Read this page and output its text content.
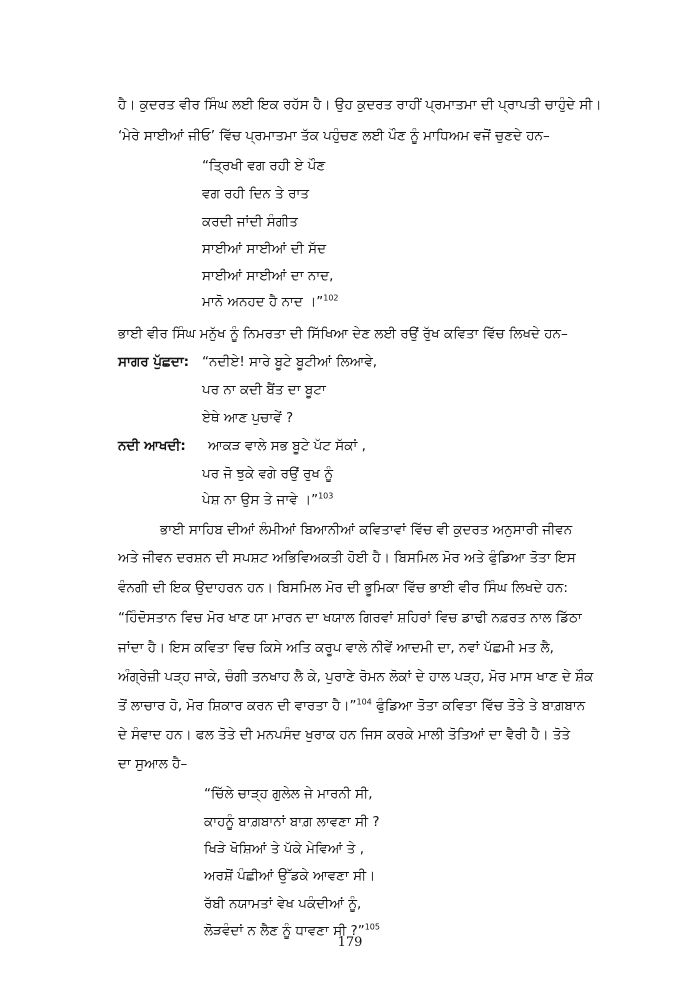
ਹੈ। ਕੁਦਰਤ ਵੀਰ ਸਿੰਘ ਲਈ ਇਕ ਰਹੱਸ ਹੈ। ਉਹ ਕੁਦਰਤ ਰਾਹੀਂ ਪ੍ਰਮਾਤਮਾ ਦੀ ਪ੍ਰਾਪਤੀ ਚਾਹੁੰਦੇ ਸੀ।
‘ਮੇਰੇ ਸਾਈਆਂ ਜੀਓ’ ਵਿੱਚ ਪ੍ਰਮਾਤਮਾ ਤੱਕ ਪਹੁੰਚਣ ਲਈ ਪੌਣ ਨੂੰ ਮਾਧਿਅਮ ਵਜੋਂ ਚੁਣਦੇ ਹਨ–
“ਤ੍ਰਿਖੀ ਵਗ ਰਹੀ ਏ ਪੌਣ
ਵਗ ਰਹੀ ਦਿਨ ਤੇ ਰਾਤ
ਕਰਦੀ ਜਾਂਦੀ ਸੰਗੀਤ
ਸਾਈਆਂ ਸਾਈਆਂ ਦੀ ਸੱਦ
ਸਾਈਆਂ ਸਾਈਆਂ ਦਾ ਨਾਦ,
ਮਾਨੋ ਅਨਹਦ ਹੈ ਨਾਦ ।”$^{102}$
ਭਾਈ ਵੀਰ ਸਿੰਘ ਮਨੁੱਖ ਨੂੰ ਨਿਮਰਤਾ ਦੀ ਸਿੱਖਿਆ ਦੇਣ ਲਈ ਰਉਂ ਰੁੱਖ ਕਵਿਤਾ ਵਿੱਚ ਲਿਖਦੇ ਹਨ–
ਸਾਗਰ ਪੁੱਛਦਾ: “ਨਦੀਏ! ਸਾਰੇ ਬੂਟੇ ਬੂਟੀਆਂ ਲਿਆਵੇ,
ਪਰ ਨਾ ਕਦੀ ਬੈਂਤ ਦਾ ਬੂਟਾ
ਏਥੇ ਆਣ ਪੁਚਾਵੇਂ ?
ਨਦੀ ਆਖਦੀ: ਆਕੜ ਵਾਲੇ ਸਭ ਬੂਟੇ ਪੱਟ ਸੱਕਾਂ ,
ਪਰ ਜੋ ਝੁਕੇ ਵਗੇ ਰਉਂ ਰੁਖ ਨੂੰ
ਪੇਸ਼ ਨਾ ਉਸ ਤੇ ਜਾਵੇ ।”$^{103}$
ਭਾਈ ਸਾਹਿਬ ਦੀਆਂ ਲੰਮੀਆਂ ਬਿਆਨੀਆਂ ਕਵਿਤਾਵਾਂ ਵਿੱਚ ਵੀ ਕੁਦਰਤ ਅਨੁਸਾਰੀ ਜੀਵਨ
ਅਤੇ ਜੀਵਨ ਦਰਸ਼ਨ ਦੀ ਸਪਸ਼ਟ ਅਭਿਵਿਅਕਤੀ ਹੋਈ ਹੈ। ਬਿਸਮਿਲ ਮੋਰ ਅਤੇ ਫੁੰਡਿਆ ਤੋਤਾ ਇਸ
ਵੰਨਗੀ ਦੀ ਇਕ ਉਦਾਹਰਨ ਹਨ। ਬਿਸਮਿਲ ਮੋਰ ਦੀ ਭੂਮਿਕਾ ਵਿੱਚ ਭਾਈ ਵੀਰ ਸਿੰਘ ਲਿਖਦੇ ਹਨ:
“ਹਿੰਦੋਸਤਾਨ ਵਿਚ ਮੋਰ ਖਾਣ ਯਾ ਮਾਰਨ ਦਾ ਖਯਾਲ ਗਿਰਵਾਂ ਸ਼ਹਿਰਾਂ ਵਿਚ ਡਾਢੀ ਨਫ਼ਰਤ ਨਾਲ ਡਿੱਠਾ
ਜਾਂਦਾ ਹੈ। ਇਸ ਕਵਿਤਾ ਵਿਚ ਕਿਸੇ ਅਤਿ ਕਰੂਪ ਵਾਲੇ ਨੀਵੇਂ ਆਦਮੀ ਦਾ, ਨਵਾਂ ਪੱਛਮੀ ਮਤ ਲੈ,
ਅੰਗ੍ਰੇਜ਼ੀ ਪੜ੍ਹ ਜਾਕੇ, ਚੰਗੀ ਤਨਖਾਹ ਲੈ ਕੇ, ਪੁਰਾਣੇ ਰੋਮਨ ਲੋਕਾਂ ਦੇ ਹਾਲ ਪੜ੍ਹ, ਮੋਰ ਮਾਸ ਖਾਣ ਦੇ ਸ਼ੌਕ
ਤੋਂ ਲਾਚਾਰ ਹੋ, ਮੋਰ ਸ਼ਿਕਾਰ ਕਰਨ ਦੀ ਵਾਰਤਾ ਹੈ।”$^{104}$ ਫੁੰਡਿਆ ਤੋਤਾ ਕਵਿਤਾ ਵਿੱਚ ਤੋਤੇ ਤੇ ਬਾਗ਼ਬਾਨ
ਦੇ ਸੰਵਾਦ ਹਨ। ਫਲ ਤੋਤੇ ਦੀ ਮਨਪਸੰਦ ਖੁਰਾਕ ਹਨ ਜਿਸ ਕਰਕੇ ਮਾਲੀ ਤੋਤਿਆਂ ਦਾ ਵੈਰੀ ਹੈ। ਤੋਤੇ
ਦਾ ਸੁਆਲ ਹੈ–
“ਚਿੱਲੇ ਚਾੜ੍ਹ ਗੁਲੇਲ ਜੇ ਮਾਰਨੀ ਸੀ,
ਕਾਹਨੂੰ ਬਾਗ਼ਬਾਨਾਂ ਬਾਗ਼ ਲਾਵਣਾ ਸੀ ?
ਖਿੜੇ ਖੋਸ਼ਿਆਂ ਤੇ ਪੱਕੇ ਮੇਵਿਆਂ ਤੇ ,
ਅਰਸ਼ੋਂ ਪੰਛੀਆਂ ਉੱਡਕੇ ਆਵਣਾ ਸੀ।
ਰੱਬੀ ਨਯਾਮਤਾਂ ਵੇਖ ਪਕੰਦੀਆਂ ਨੂੰ,
ਲੋੜਵੰਦਾਂ ਨ ਲੈਣ ਨੂੰ ਧਾਵਣਾ ਸੀ ?”$^{105}$
179
